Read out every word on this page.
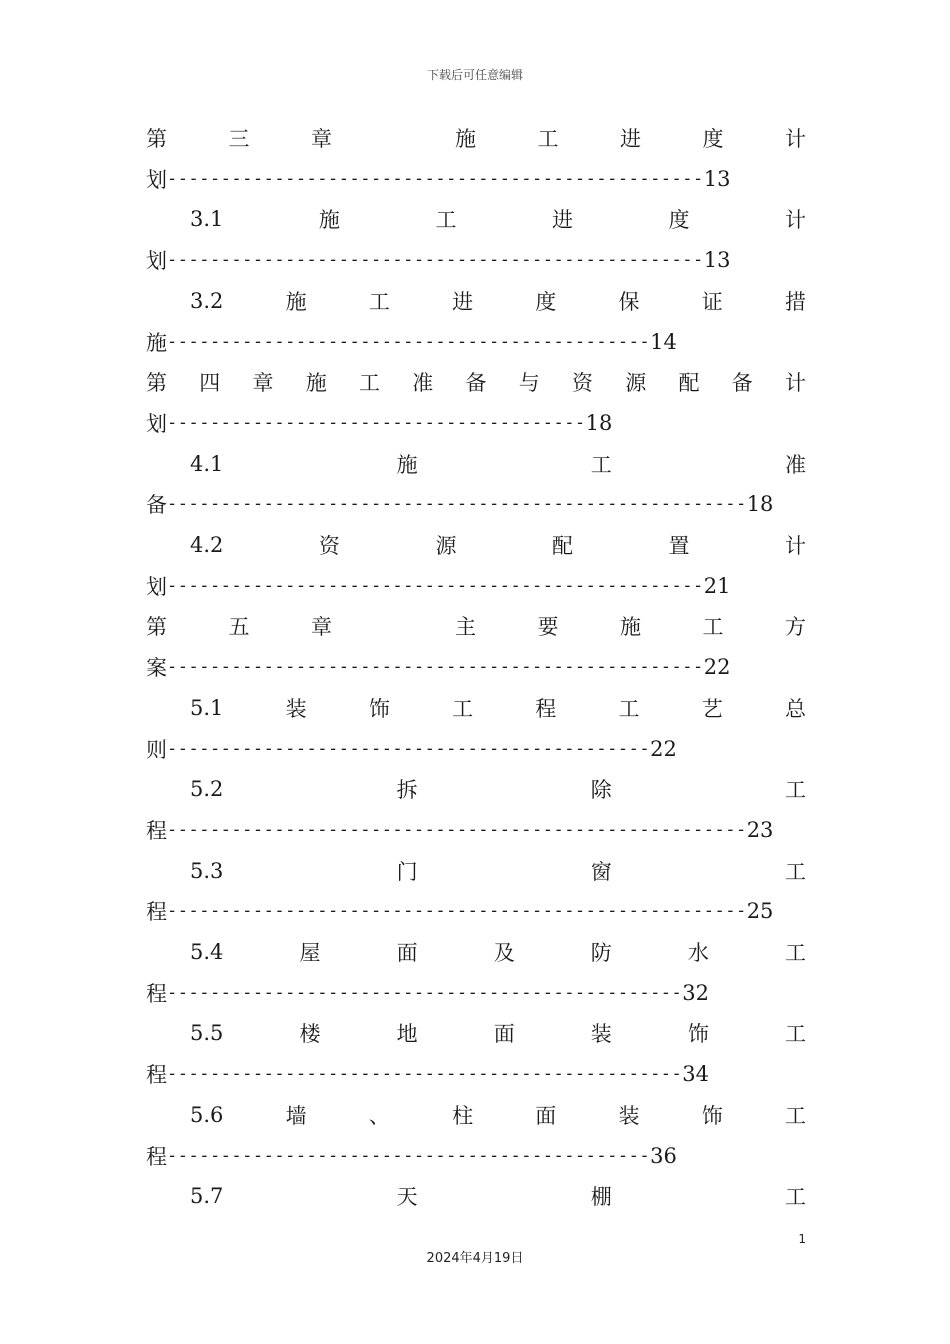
下载后可任意编辑
第	三	章	施	工	进	度	计
划 -------------------------------------------------- 13
3.1	施	工	进	度	计
划 -------------------------------------------------- 13
3.2	施	工	进	度	保	证	措
施 --------------------------------------------- 14
第 四 章 施 工 准 备 与 资 源 配 备 计
划 --------------------------------------- 18
4.1	施	工	准
备 ------------------------------------------------------ 18
4.2	资	源	配	置	计
划 -------------------------------------------------- 21
第	五	章	主	要	施	工	方
案 -------------------------------------------------- 22
5.1	装	饰	工	程	工	艺	总
则 --------------------------------------------- 22
5.2	拆	除	工
程 ------------------------------------------------------ 23
5.3	门	窗	工
程 ------------------------------------------------------ 25
5.4	屋	面	及	防	水	工
程 ------------------------------------------------ 32
5.5	楼	地	面	装	饰	工
程 ------------------------------------------------ 34
5.6	墙	、	柱	面	装	饰	工
程 --------------------------------------------- 36
5.7	天	棚	工
1
2024年4月19日
